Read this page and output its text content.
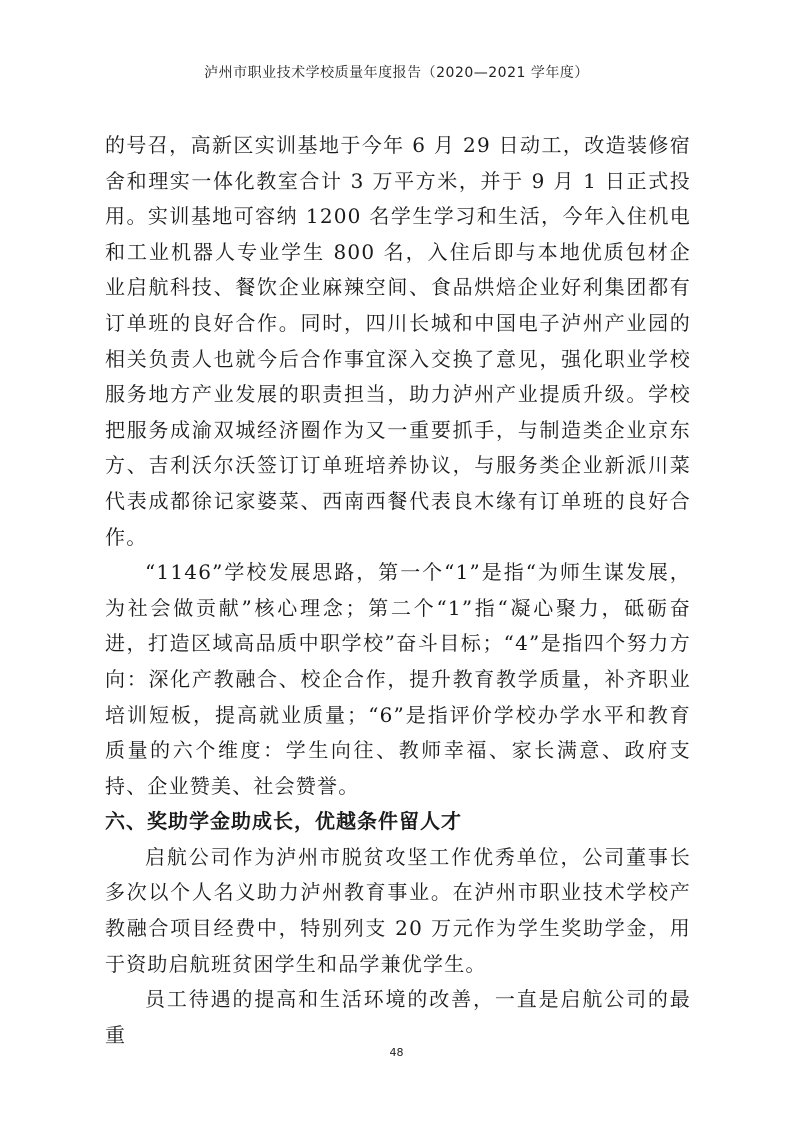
泸州市职业技术学校质量年度报告（2020—2021 学年度）

的号召，高新区实训基地于今年 6 月 29 日动工，改造装修宿舍和理实一体化教室合计 3 万平方米，并于 9 月 1 日正式投用。实训基地可容纳 1200 名学生学习和生活，今年入住机电和工业机器人专业学生 800 名，入住后即与本地优质包材企业启航科技、餐饮企业麻辣空间、食品烘焙企业好利集团都有订单班的良好合作。同时，四川长城和中国电子泸州产业园的相关负责人也就今后合作事宜深入交换了意见，强化职业学校服务地方产业发展的职责担当，助力泸州产业提质升级。学校把服务成渝双城经济圈作为又一重要抓手，与制造类企业京东方、吉利沃尔沃签订订单班培养协议，与服务类企业新派川菜代表成都徐记家婆菜、西南西餐代表良木缘有订单班的良好合作。

“1146”学校发展思路，第一个“1”是指“为师生谋发展，为社会做贡献”核心理念；第二个“1”指“凝心聚力，砥砺奋进，打造区域高品质中职学校”奋斗目标；“4”是指四个努力方向：深化产教融合、校企合作，提升教育教学质量，补齐职业培训短板，提高就业质量；“6”是指评价学校办学水平和教育质量的六个维度：学生向往、教师幸福、家长满意、政府支持、企业赞美、社会赞誉。

六、奖助学金助成长，优越条件留人才

启航公司作为泸州市脱贫攻坚工作优秀单位，公司董事长多次以个人名义助力泸州教育事业。在泸州市职业技术学校产教融合项目经费中，特别列支 20 万元作为学生奖助学金，用于资助启航班贫困学生和品学兼优学生。

员工待遇的提高和生活环境的改善，一直是启航公司的最重

48
